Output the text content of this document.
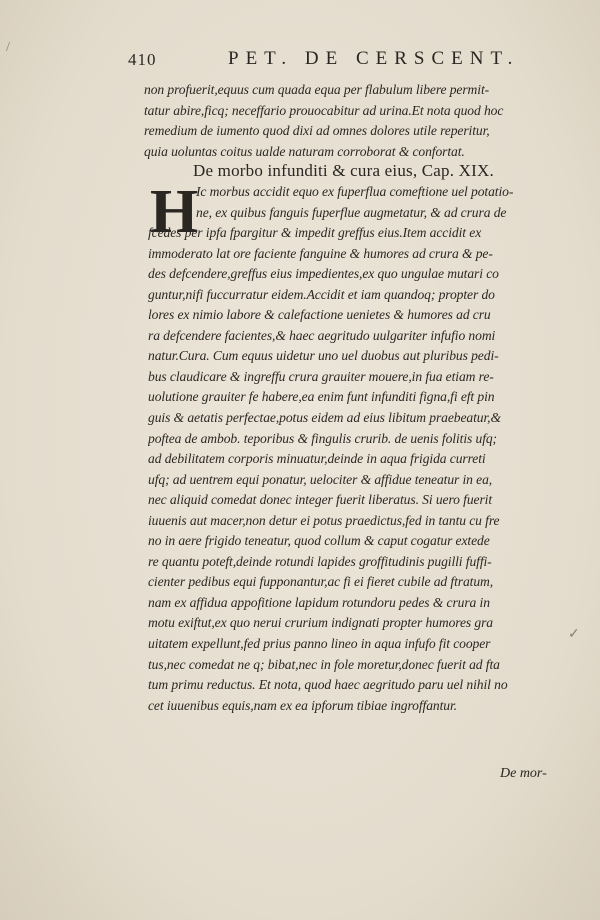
410	PET. DE CERSCENT.
non profuerit,equus cum quada equa per flabulum libere permit-
tatur abire,ficq; neceffario prouocabitur ad urina.Et nota quod hoc
remedium de iumento quod dixi ad omnes dolores utile reperitur,
quia uoluntas coitus ualde naturam corroborat & confortat.
De morbo infunditi & cura eius, Cap. XIX.
H
Ic morbus accidit equo ex fuperflua comeftione uel potatio-
ne, ex quibus fanguis fuperflue augmetatur, & ad crura de
fcedes per ipfa fpargitur & impedit greffus eius.Item accidit ex
immoderato lat ore faciente fanguine & humores ad crura & pe-
des defcendere,greffus eius impedientes,ex quo ungulae mutari co
guntur,nifi fuccurratur eidem.Accidit et iam quandoq; propter do
lores ex nimio labore & calefactione uenietes & humores ad cru
ra defcendere facientes,& haec aegritudo uulgariter infufio nomi
natur.Cura. Cum equus uidetur uno uel duobus aut pluribus pedi-
bus claudicare & ingreffu crura grauiter mouere,in fua etiam re-
uolutione grauiter fe habere,ea enim funt infunditi figna,fi eft pin
guis & aetatis perfectae,potus eidem ad eius libitum praebeatur,&
poftea de ambob. teporibus & fingulis crurib. de uenis folitis ufq;
ad debilitatem corporis minuatur,deinde in aqua frigida curreti
ufq; ad uentrem equi ponatur, uelociter & affidue teneatur in ea,
nec aliquid comedat donec integer fuerit liberatus. Si uero fuerit
iuuenis aut macer,non detur ei potus praedictus,fed in tantu cu fre
no in aere frigido teneatur, quod collum & caput cogatur extede
re quantu poteft,deinde rotundi lapides groffitudinis pugilli fuffi-
cienter pedibus equi fupponantur,ac fi ei fieret cubile ad ftratum,
nam ex affidua appofitione lapidum rotundoru pedes & crura in
motu exiftut,ex quo nerui crurium indignati propter humores gra
uitatem expellunt,fed prius panno lineo in aqua infufo fit cooper
tus,nec comedat ne q; bibat,nec in fole moretur,donec fuerit ad fta
tum primu reductus. Et nota, quod haec aegritudo paru uel nihil no
cet iuuenibus equis,nam ex ea ipforum tibiae ingroffantur.
De mor-
/
✓
